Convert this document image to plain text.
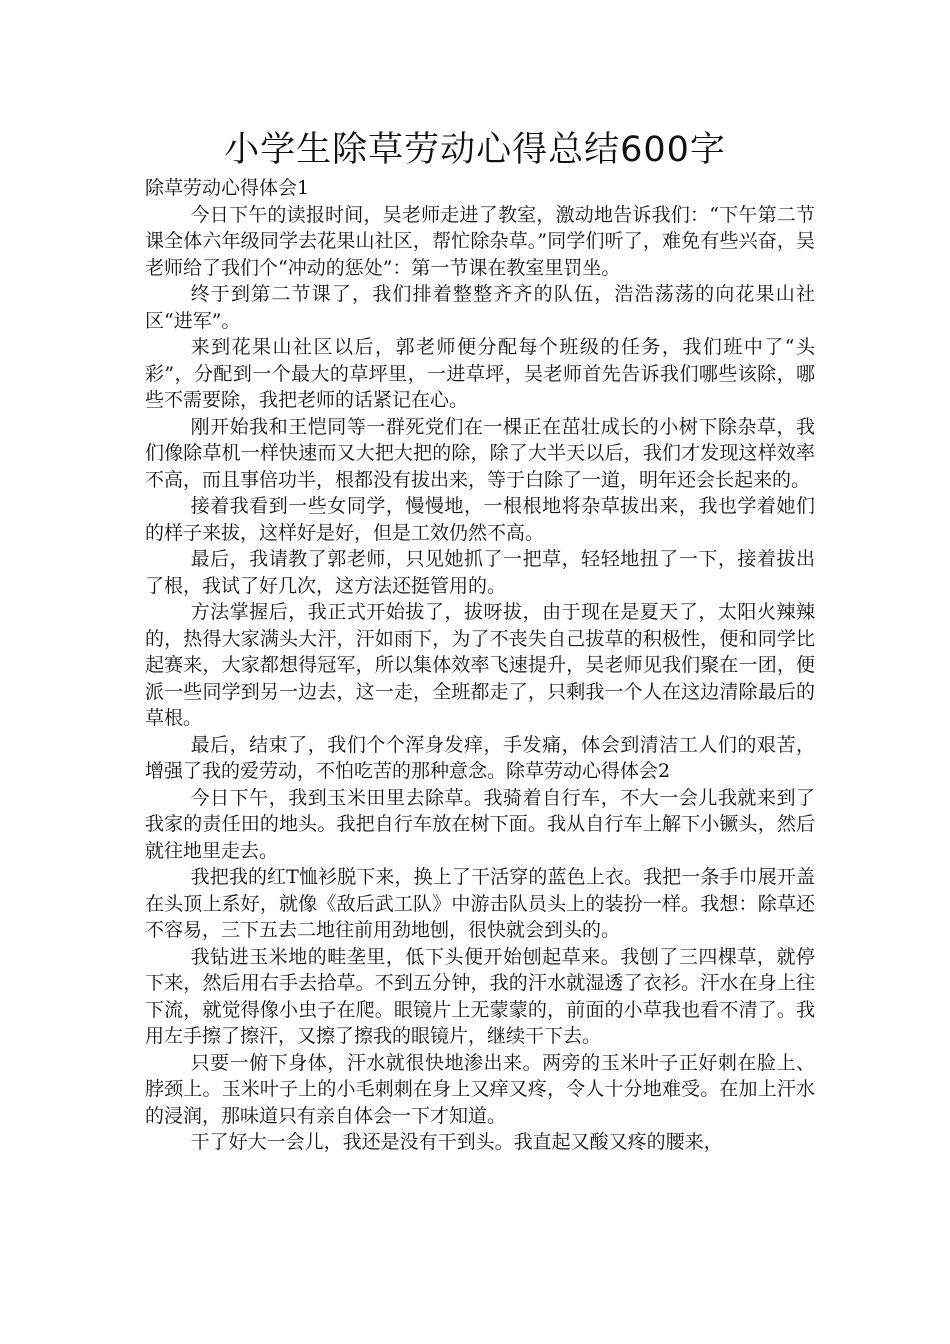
小学生除草劳动心得总结600字

除草劳动心得体会1

今日下午的读报时间，吴老师走进了教室，激动地告诉我们：“下午第二节课全体六年级同学去花果山社区，帮忙除杂草。”同学们听了，难免有些兴奋，吴老师给了我们个“冲动的惩处”：第一节课在教室里罚坐。

终于到第二节课了，我们排着整整齐齐的队伍，浩浩荡荡的向花果山社区“进军”。

来到花果山社区以后，郭老师便分配每个班级的任务，我们班中了“头彩”，分配到一个最大的草坪里，一进草坪，吴老师首先告诉我们哪些该除，哪些不需要除，我把老师的话紧记在心。

刚开始我和王恺同等一群死党们在一棵正在茁壮成长的小树下除杂草，我们像除草机一样快速而又大把大把的除，除了大半天以后，我们才发现这样效率不高，而且事倍功半，根都没有拔出来，等于白除了一道，明年还会长起来的。

接着我看到一些女同学，慢慢地，一根根地将杂草拔出来，我也学着她们的样子来拔，这样好是好，但是工效仍然不高。

最后，我请教了郭老师，只见她抓了一把草，轻轻地扭了一下，接着拔出了根，我试了好几次，这方法还挺管用的。

方法掌握后，我正式开始拔了，拔呀拔，由于现在是夏天了，太阳火辣辣的，热得大家满头大汗，汗如雨下，为了不丧失自己拔草的积极性，便和同学比起赛来，大家都想得冠军，所以集体效率飞速提升，吴老师见我们聚在一团，便派一些同学到另一边去，这一走，全班都走了，只剩我一个人在这边清除最后的草根。

最后，结束了，我们个个浑身发痒，手发痛，体会到清洁工人们的艰苦，增强了我的爱劳动，不怕吃苦的那种意念。除草劳动心得体会2

今日下午，我到玉米田里去除草。我骑着自行车，不大一会儿我就来到了我家的责任田的地头。我把自行车放在树下面。我从自行车上解下小镢头，然后就往地里走去。

我把我的红T恤衫脱下来，换上了干活穿的蓝色上衣。我把一条手巾展开盖在头顶上系好，就像《敌后武工队》中游击队员头上的装扮一样。我想：除草还不容易，三下五去二地往前用劲地刨，很快就会到头的。

我钻进玉米地的畦垄里，低下头便开始刨起草来。我刨了三四棵草，就停下来，然后用右手去拾草。不到五分钟，我的汗水就湿透了衣衫。汗水在身上往下流，就觉得像小虫子在爬。眼镜片上无蒙蒙的，前面的小草我也看不清了。我用左手擦了擦汗，又擦了擦我的眼镜片，继续干下去。

只要一俯下身体，汗水就很快地渗出来。两旁的玉米叶子正好刺在脸上、脖颈上。玉米叶子上的小毛刺刺在身上又痒又疼，令人十分地难受。在加上汗水的浸润，那味道只有亲自体会一下才知道。

干了好大一会儿，我还是没有干到头。我直起又酸又疼的腰来，
